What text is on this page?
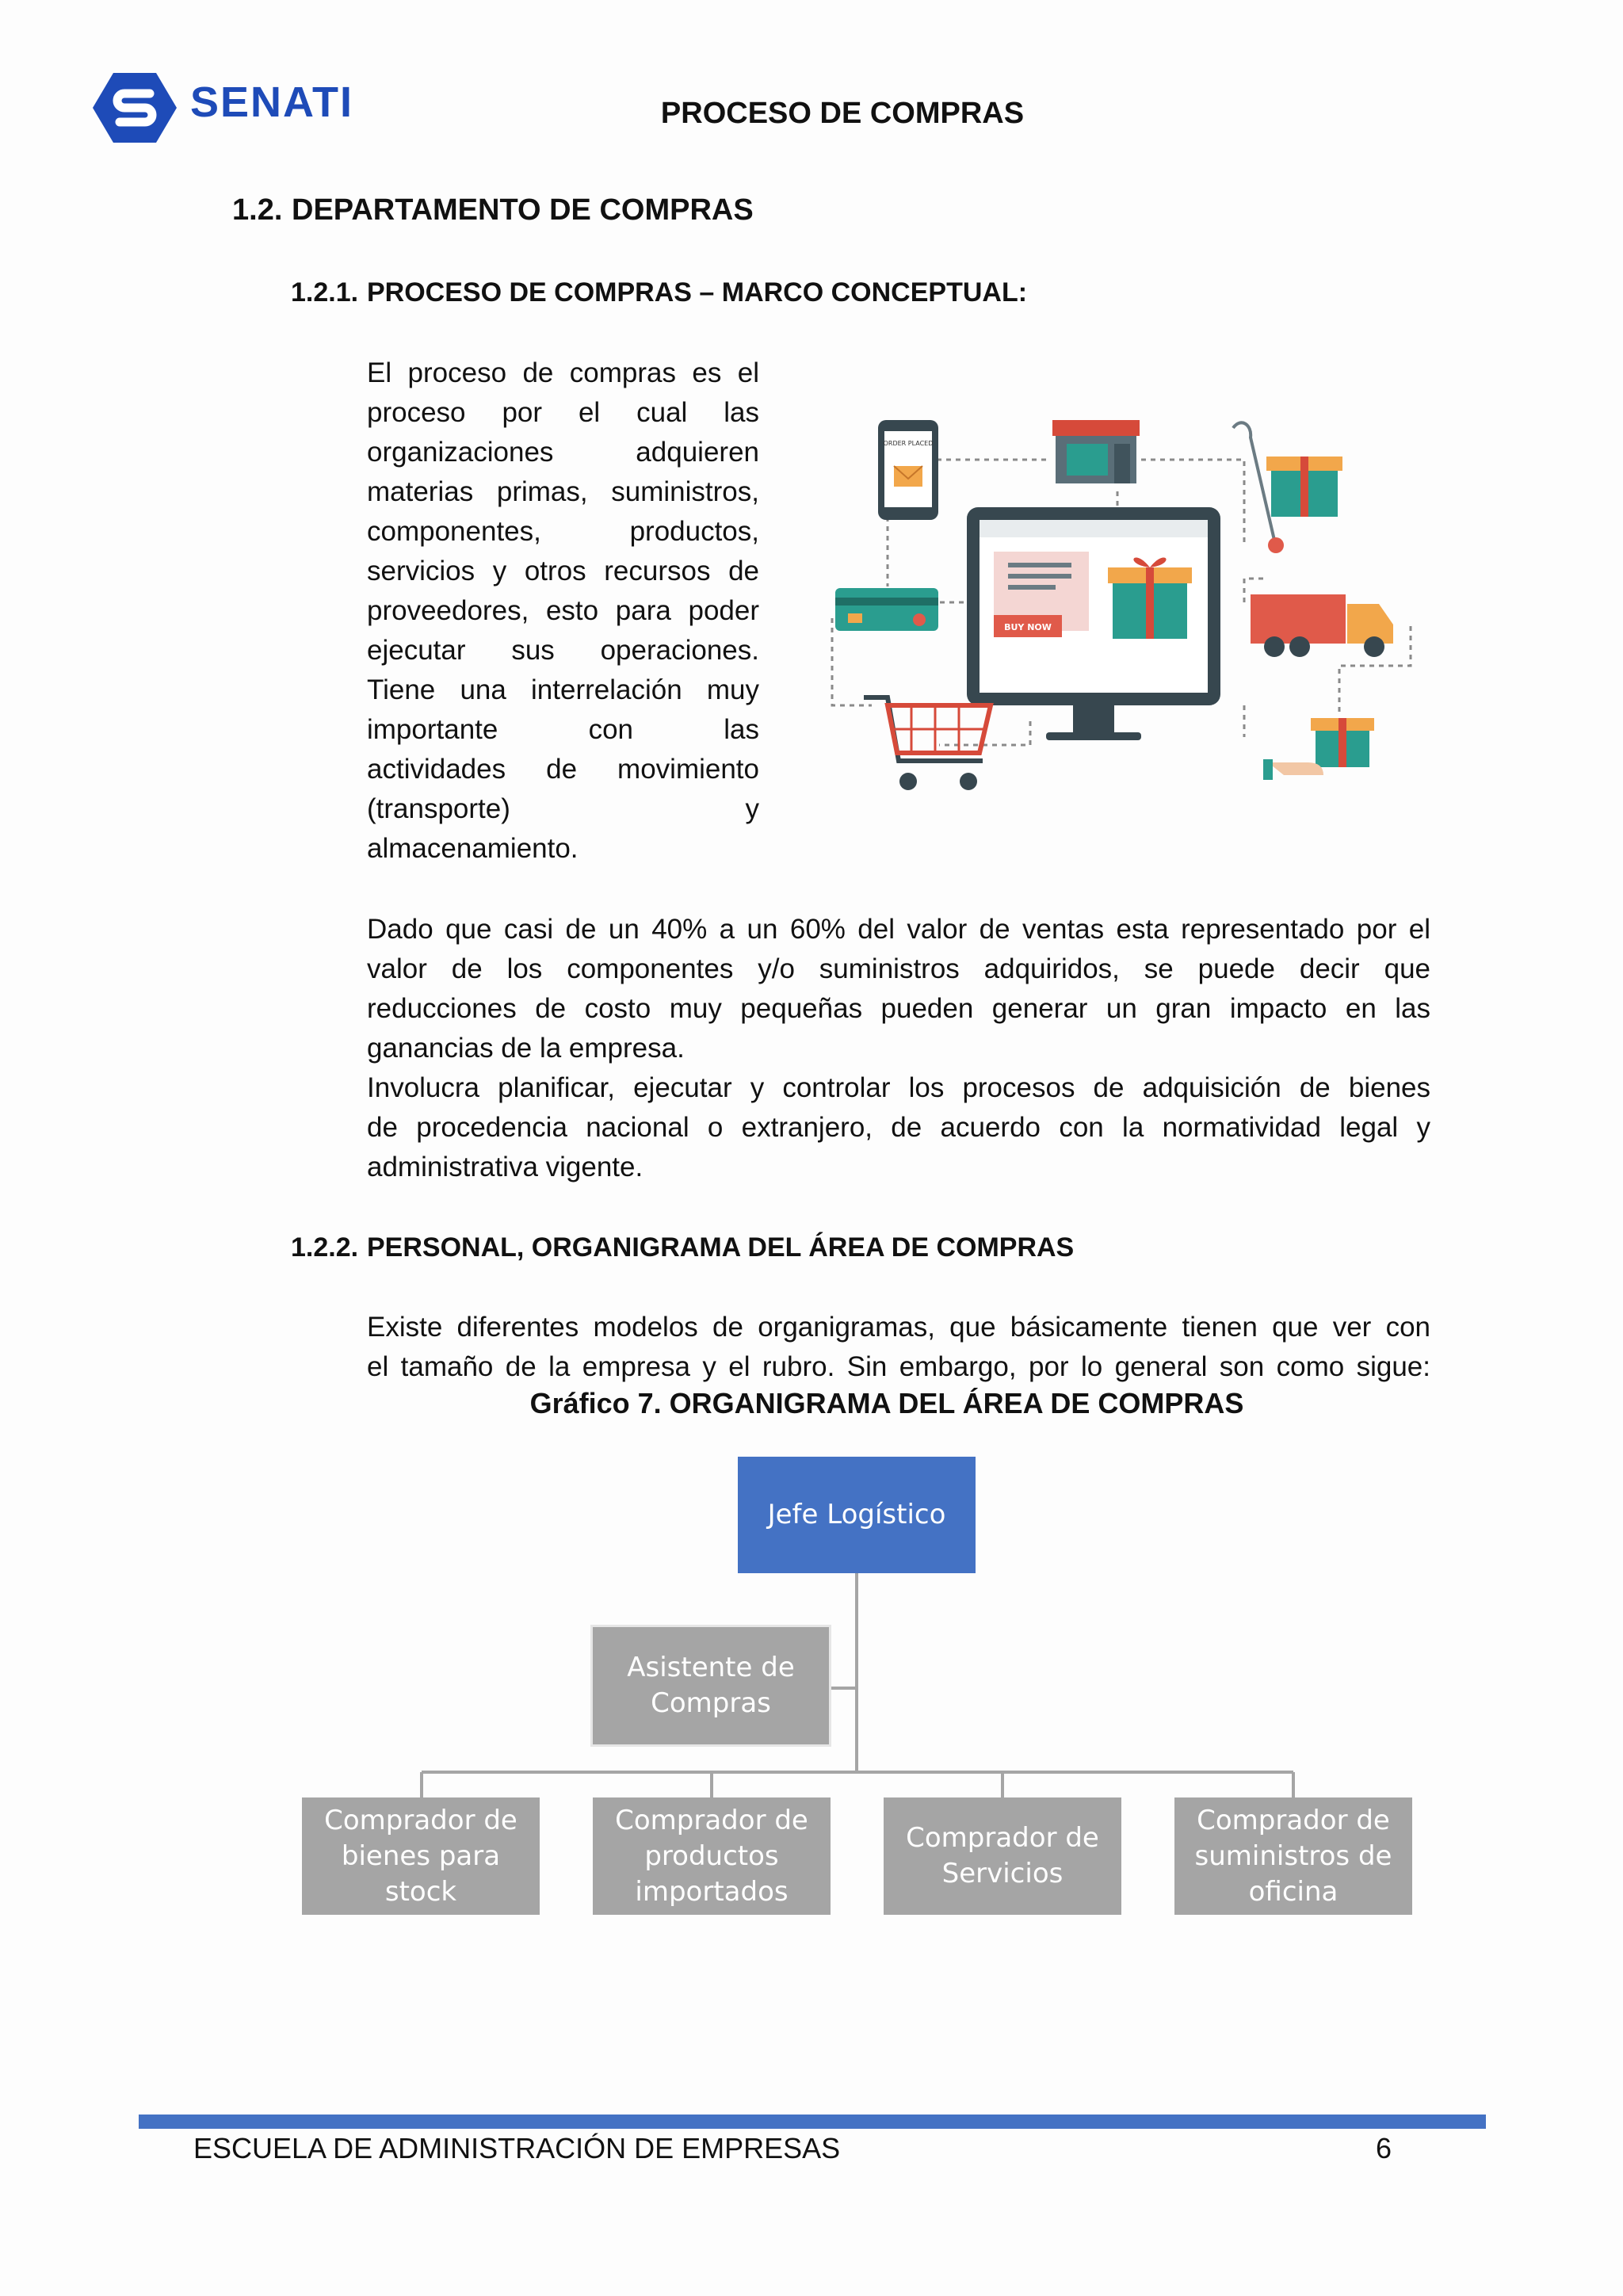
SENATI	PROCESO DE COMPRAS
1.2. DEPARTAMENTO DE COMPRAS
1.2.1. PROCESO DE COMPRAS – MARCO CONCEPTUAL:
El proceso de compras es el
proceso por el cual las
organizaciones adquieren
materias primas, suministros,
componentes, productos,
servicios y otros recursos de
proveedores, esto para poder
ejecutar sus operaciones.
Tiene una interrelación muy
importante con las
actividades de movimiento
(transporte) y
almacenamiento.
ORDER PLACED
BUY NOW
Dado que casi de un 40% a un 60% del valor de ventas esta representado por el
valor de los componentes y/o suministros adquiridos, se puede decir que
reducciones de costo muy pequeñas pueden generar un gran impacto en las
ganancias de la empresa.
Involucra planificar, ejecutar y controlar los procesos de adquisición de bienes
de procedencia nacional o extranjero, de acuerdo con la normatividad legal y
administrativa vigente.
1.2.2. PERSONAL, ORGANIGRAMA DEL ÁREA DE COMPRAS
Existe diferentes modelos de organigramas, que básicamente tienen que ver con
el tamaño de la empresa y el rubro. Sin embargo, por lo general son como sigue:
Gráfico 7. ORGANIGRAMA DEL ÁREA DE COMPRAS
Jefe Logístico
Asistente de
Compras
Comprador de
bienes para stock
Comprador de
productos
importados
Comprador de
Servicios
Comprador de
suministros de
oficina
ESCUELA DE ADMINISTRACIÓN DE EMPRESAS	6
